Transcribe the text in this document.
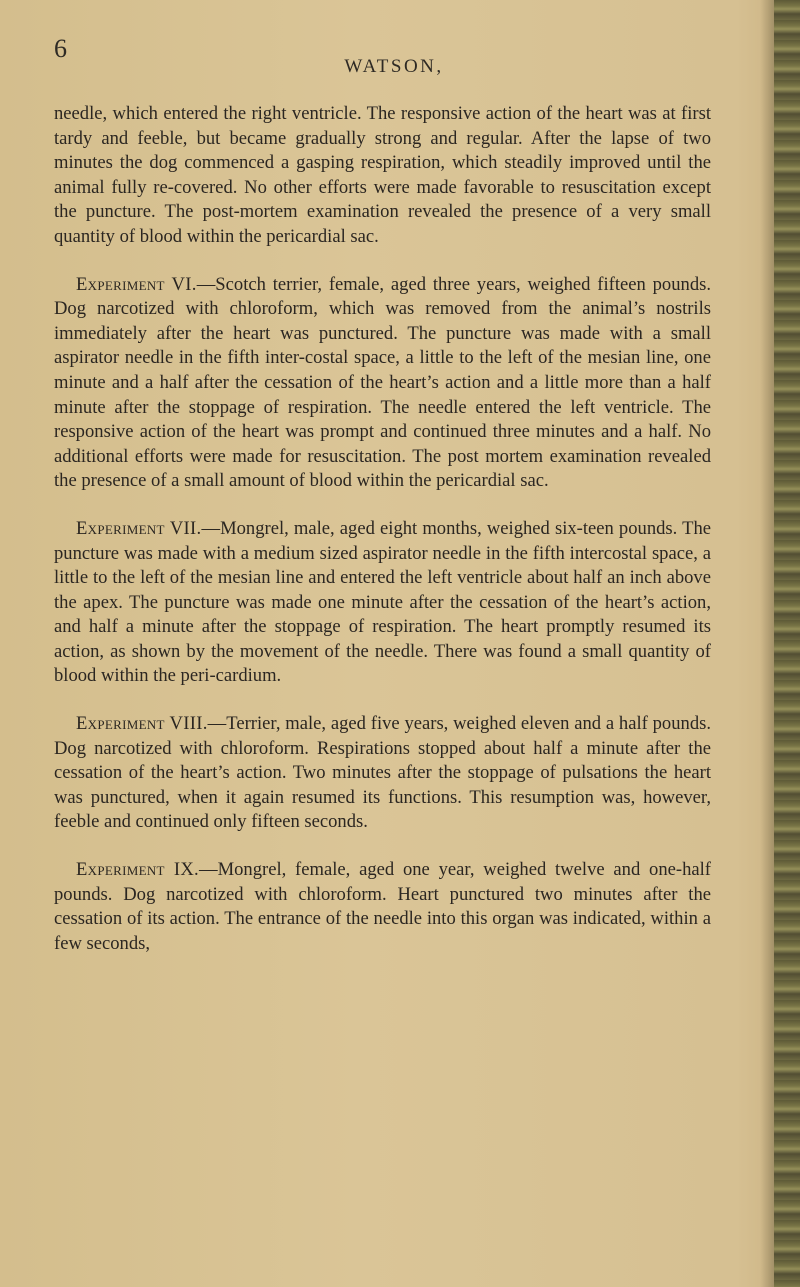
6
WATSON,

needle, which entered the right ventricle. The responsive action of the heart was at first tardy and feeble, but became gradually strong and regular. After the lapse of two minutes the dog commenced a gasping respiration, which steadily improved until the animal fully re-covered. No other efforts were made favorable to resuscitation except the puncture. The post-mortem examination revealed the presence of a very small quantity of blood within the pericardial sac.

Experiment VI.—Scotch terrier, female, aged three years, weighed fifteen pounds. Dog narcotized with chloroform, which was removed from the animal’s nostrils immediately after the heart was punctured. The puncture was made with a small aspirator needle in the fifth inter-costal space, a little to the left of the mesian line, one minute and a half after the cessation of the heart’s action and a little more than a half minute after the stoppage of respiration. The needle entered the left ventricle. The responsive action of the heart was prompt and continued three minutes and a half. No additional efforts were made for resuscitation. The post mortem examination revealed the presence of a small amount of blood within the pericardial sac.

Experiment VII.—Mongrel, male, aged eight months, weighed six-teen pounds. The puncture was made with a medium sized aspirator needle in the fifth intercostal space, a little to the left of the mesian line and entered the left ventricle about half an inch above the apex. The puncture was made one minute after the cessation of the heart’s action, and half a minute after the stoppage of respiration. The heart promptly resumed its action, as shown by the movement of the needle. There was found a small quantity of blood within the peri-cardium.

Experiment VIII.—Terrier, male, aged five years, weighed eleven and a half pounds. Dog narcotized with chloroform. Respirations stopped about half a minute after the cessation of the heart’s action. Two minutes after the stoppage of pulsations the heart was punctured, when it again resumed its functions. This resumption was, however, feeble and continued only fifteen seconds.

Experiment IX.—Mongrel, female, aged one year, weighed twelve and one-half pounds. Dog narcotized with chloroform. Heart punctured two minutes after the cessation of its action. The entrance of the needle into this organ was indicated, within a few seconds,
